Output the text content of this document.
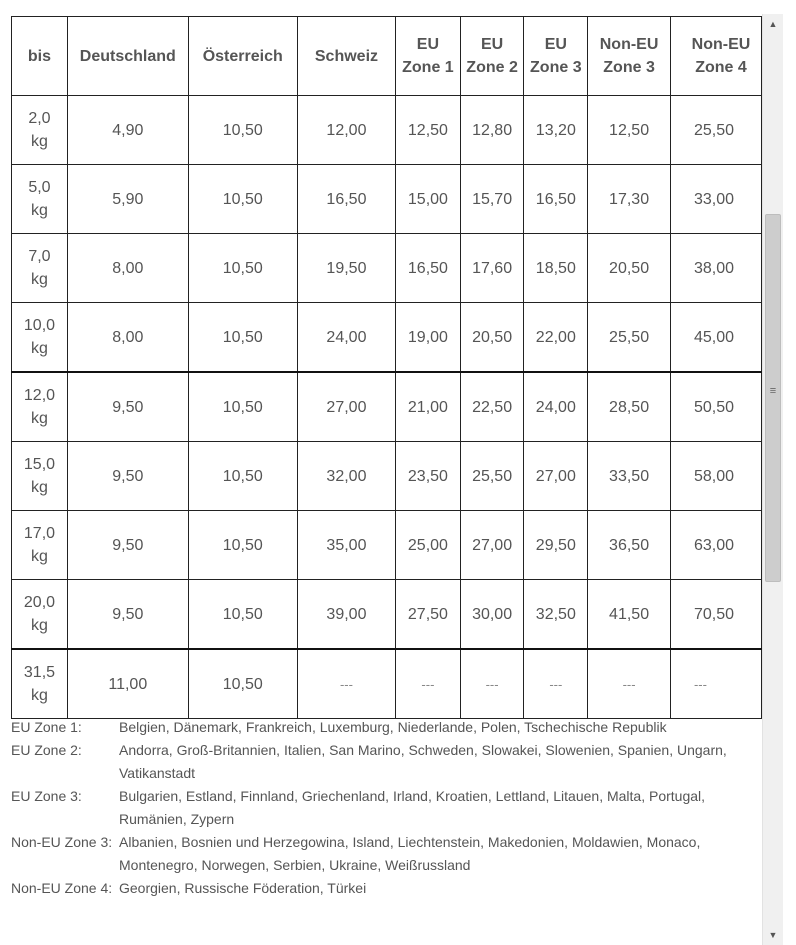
bis	Deutschland	Österreich	Schweiz	EU Zone 1	EU Zone 2	EU Zone 3	Non-EU Zone 3	Non-EU Zone 4
2,0 kg	4,90	10,50	12,00	12,50	12,80	13,20	12,50	25,50
5,0 kg	5,90	10,50	16,50	15,00	15,70	16,50	17,30	33,00
7,0 kg	8,00	10,50	19,50	16,50	17,60	18,50	20,50	38,00
10,0 kg	8,00	10,50	24,00	19,00	20,50	22,00	25,50	45,00
12,0 kg	9,50	10,50	27,00	21,00	22,50	24,00	28,50	50,50
15,0 kg	9,50	10,50	32,00	23,50	25,50	27,00	33,50	58,00
17,0 kg	9,50	10,50	35,00	25,00	27,00	29,50	36,50	63,00
20,0 kg	9,50	10,50	39,00	27,50	30,00	32,50	41,50	70,50
31,5 kg	11,00	10,50	---	---	---	---	---	---
EU Zone 1:	Belgien, Dänemark, Frankreich, Luxemburg, Niederlande, Polen, Tschechische Republik
EU Zone 2:	Andorra, Groß-Britannien, Italien, San Marino, Schweden, Slowakei, Slowenien, Spanien, Ungarn, Vatikanstadt
EU Zone 3:	Bulgarien, Estland, Finnland, Griechenland, Irland, Kroatien, Lettland, Litauen, Malta, Portugal, Rumänien, Zypern
Non-EU Zone 3: Albanien, Bosnien und Herzegowina, Island, Liechtenstein, Makedonien, Moldawien, Monaco, Montenegro, Norwegen, Serbien, Ukraine, Weißrussland
Non-EU Zone 4: Georgien, Russische Föderation, Türkei
▲
≡
▼
